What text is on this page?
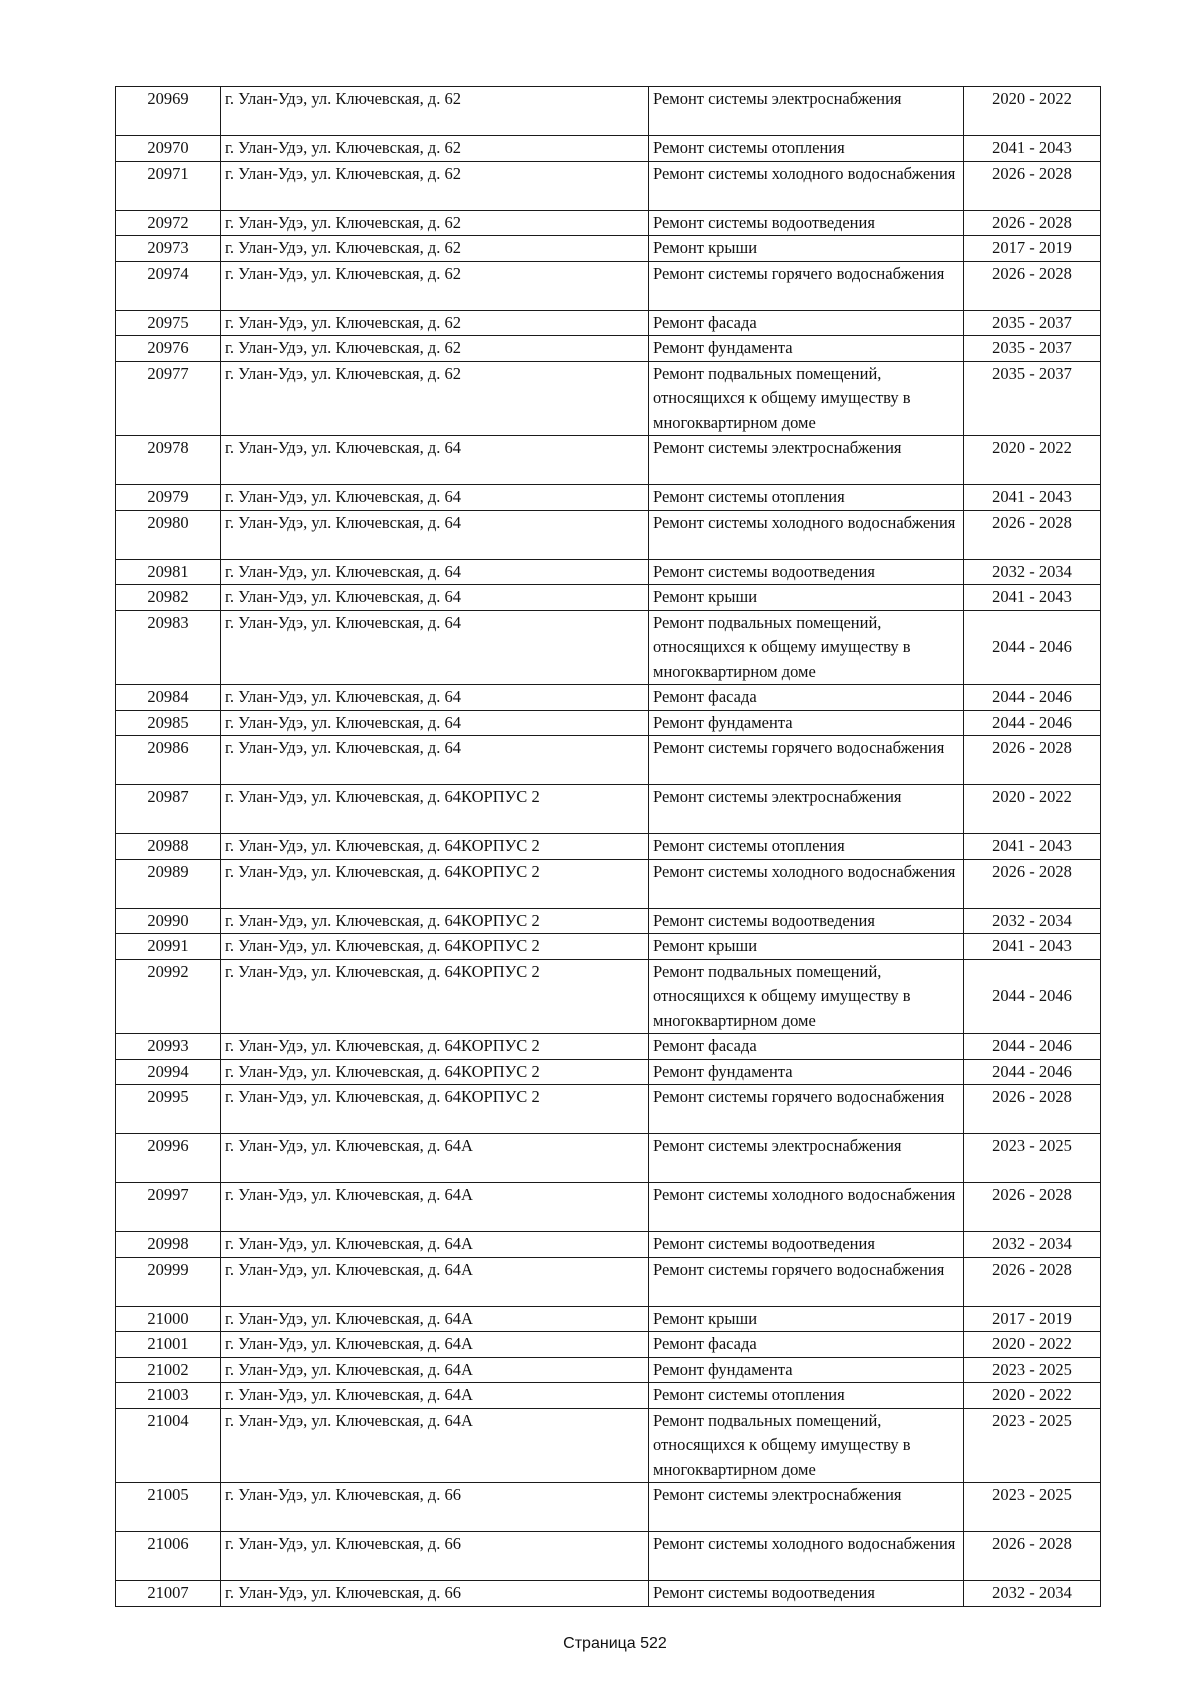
20969	г. Улан-Удэ, ул. Ключевская, д. 62	Ремонт системы электроснабжения	2020 - 2022
20970	г. Улан-Удэ, ул. Ключевская, д. 62	Ремонт системы отопления	2041 - 2043
20971	г. Улан-Удэ, ул. Ключевская, д. 62	Ремонт системы холодного водоснабжения	2026 - 2028
20972	г. Улан-Удэ, ул. Ключевская, д. 62	Ремонт системы водоотведения	2026 - 2028
20973	г. Улан-Удэ, ул. Ключевская, д. 62	Ремонт крыши	2017 - 2019
20974	г. Улан-Удэ, ул. Ключевская, д. 62	Ремонт системы горячего водоснабжения	2026 - 2028
20975	г. Улан-Удэ, ул. Ключевская, д. 62	Ремонт фасада	2035 - 2037
20976	г. Улан-Удэ, ул. Ключевская, д. 62	Ремонт фундамента	2035 - 2037
20977	г. Улан-Удэ, ул. Ключевская, д. 62	Ремонт подвальных помещений, относящихся к общему имуществу в многоквартирном доме	2035 - 2037
20978	г. Улан-Удэ, ул. Ключевская, д. 64	Ремонт системы электроснабжения	2020 - 2022
20979	г. Улан-Удэ, ул. Ключевская, д. 64	Ремонт системы отопления	2041 - 2043
20980	г. Улан-Удэ, ул. Ключевская, д. 64	Ремонт системы холодного водоснабжения	2026 - 2028
20981	г. Улан-Удэ, ул. Ключевская, д. 64	Ремонт системы водоотведения	2032 - 2034
20982	г. Улан-Удэ, ул. Ключевская, д. 64	Ремонт крыши	2041 - 2043
20983	г. Улан-Удэ, ул. Ключевская, д. 64	Ремонт подвальных помещений, относящихся к общему имуществу в многоквартирном доме	2044 - 2046
20984	г. Улан-Удэ, ул. Ключевская, д. 64	Ремонт фасада	2044 - 2046
20985	г. Улан-Удэ, ул. Ключевская, д. 64	Ремонт фундамента	2044 - 2046
20986	г. Улан-Удэ, ул. Ключевская, д. 64	Ремонт системы горячего водоснабжения	2026 - 2028
20987	г. Улан-Удэ, ул. Ключевская, д. 64КОРПУС 2	Ремонт системы электроснабжения	2020 - 2022
20988	г. Улан-Удэ, ул. Ключевская, д. 64КОРПУС 2	Ремонт системы отопления	2041 - 2043
20989	г. Улан-Удэ, ул. Ключевская, д. 64КОРПУС 2	Ремонт системы холодного водоснабжения	2026 - 2028
20990	г. Улан-Удэ, ул. Ключевская, д. 64КОРПУС 2	Ремонт системы водоотведения	2032 - 2034
20991	г. Улан-Удэ, ул. Ключевская, д. 64КОРПУС 2	Ремонт крыши	2041 - 2043
20992	г. Улан-Удэ, ул. Ключевская, д. 64КОРПУС 2	Ремонт подвальных помещений, относящихся к общему имуществу в многоквартирном доме	2044 - 2046
20993	г. Улан-Удэ, ул. Ключевская, д. 64КОРПУС 2	Ремонт фасада	2044 - 2046
20994	г. Улан-Удэ, ул. Ключевская, д. 64КОРПУС 2	Ремонт фундамента	2044 - 2046
20995	г. Улан-Удэ, ул. Ключевская, д. 64КОРПУС 2	Ремонт системы горячего водоснабжения	2026 - 2028
20996	г. Улан-Удэ, ул. Ключевская, д. 64А	Ремонт системы электроснабжения	2023 - 2025
20997	г. Улан-Удэ, ул. Ключевская, д. 64А	Ремонт системы холодного водоснабжения	2026 - 2028
20998	г. Улан-Удэ, ул. Ключевская, д. 64А	Ремонт системы водоотведения	2032 - 2034
20999	г. Улан-Удэ, ул. Ключевская, д. 64А	Ремонт системы горячего водоснабжения	2026 - 2028
21000	г. Улан-Удэ, ул. Ключевская, д. 64А	Ремонт крыши	2017 - 2019
21001	г. Улан-Удэ, ул. Ключевская, д. 64А	Ремонт фасада	2020 - 2022
21002	г. Улан-Удэ, ул. Ключевская, д. 64А	Ремонт фундамента	2023 - 2025
21003	г. Улан-Удэ, ул. Ключевская, д. 64А	Ремонт системы отопления	2020 - 2022
21004	г. Улан-Удэ, ул. Ключевская, д. 64А	Ремонт подвальных помещений, относящихся к общему имуществу в многоквартирном доме	2023 - 2025
21005	г. Улан-Удэ, ул. Ключевская, д. 66	Ремонт системы электроснабжения	2023 - 2025
21006	г. Улан-Удэ, ул. Ключевская, д. 66	Ремонт системы холодного водоснабжения	2026 - 2028
21007	г. Улан-Удэ, ул. Ключевская, д. 66	Ремонт системы водоотведения	2032 - 2034
Страница 522
